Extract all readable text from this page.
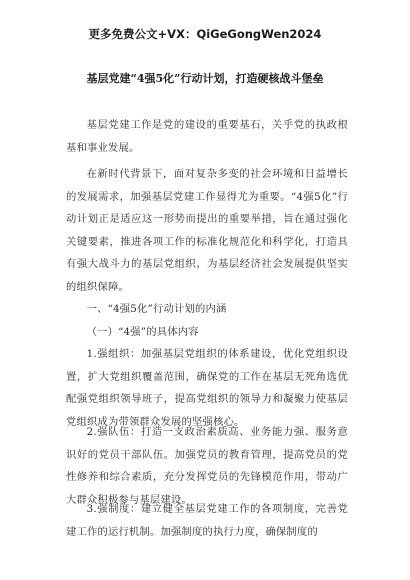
更多免费公文+VX：QiGeGongWen2024
基层党建“4强5化”行动计划，打造硬核战斗堡垒

基层党建工作是党的建设的重要基石，关乎党的执政根基和事业发展。

在新时代背景下，面对复杂多变的社会环境和日益增长的发展需求，加强基层党建工作显得尤为重要。“4强5化”行动计划正是适应这一形势而提出的重要举措，旨在通过强化关键要素，推进各项工作的标准化规范化和科学化，打造具有强大战斗力的基层党组织，为基层经济社会发展提供坚实的组织保障。

一、“4强5化”行动计划的内涵

（一）“4强”的具体内容

1.强组织：加强基层党组织的体系建设，优化党组织设置，扩大党组织覆盖范围，确保党的工作在基层无死角选优配强党组织领导班子，提高党组织的领导力和凝聚力使基层党组织成为带领群众发展的坚强核心。

2.强队伍：打造一支政治素质高、业务能力强、服务意识好的党员干部队伍。加强党员的教育管理，提高党员的党性修养和综合素质，充分发挥党员的先锋模范作用，带动广大群众积极参与基层建设。

3.强制度：建立健全基层党建工作的各项制度，完善党建工作的运行机制。加强制度的执行力度，确保制度的
